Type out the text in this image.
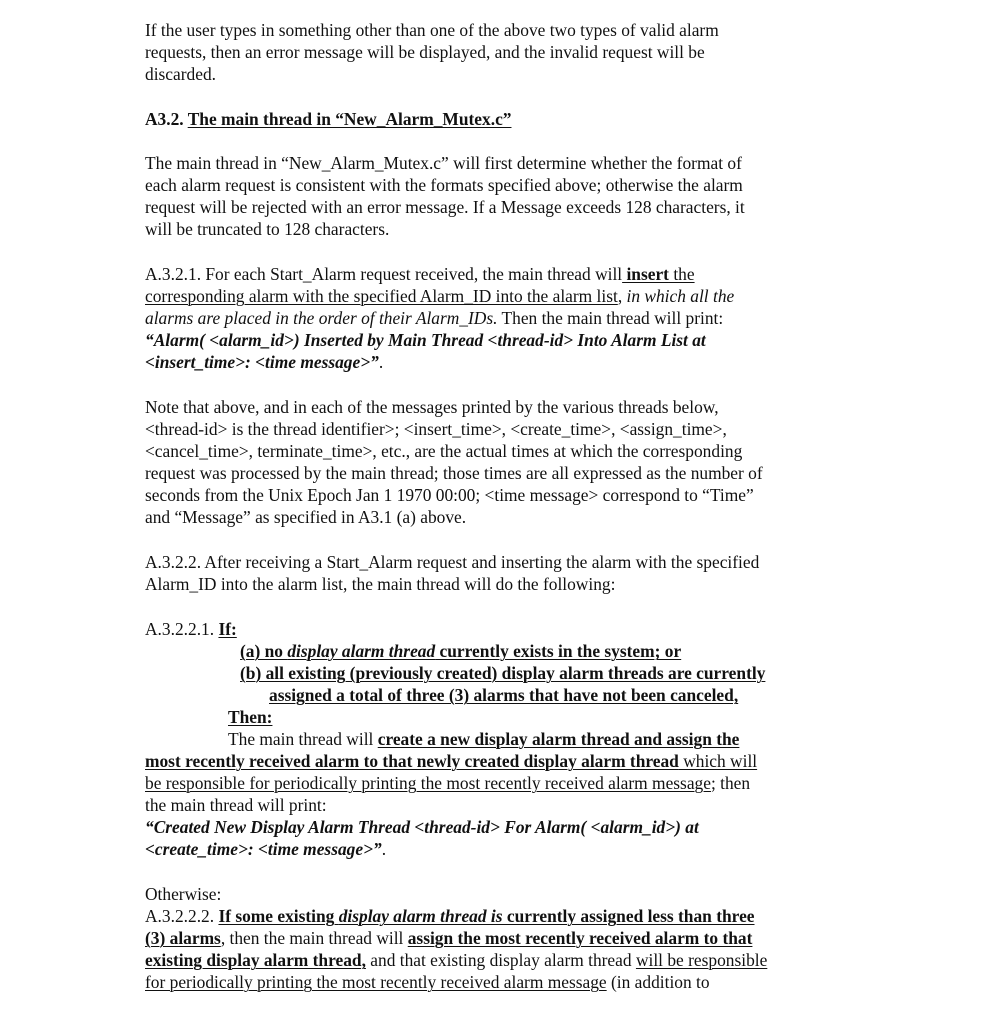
If the user types in something other than one of the above two types of valid alarm
requests, then an error message will be displayed, and the invalid request will be
discarded.
A3.2. The main thread in “New_Alarm_Mutex.c”
The main thread in “New_Alarm_Mutex.c” will first determine whether the format of
each alarm request is consistent with the formats specified above; otherwise the alarm
request will be rejected with an error message. If a Message exceeds 128 characters, it
will be truncated to 128 characters.
A.3.2.1. For each Start_Alarm request received, the main thread will insert the
corresponding alarm with the specified Alarm_ID into the alarm list, in which all the
alarms are placed in the order of their Alarm_IDs. Then the main thread will print:
“Alarm( <alarm_id>) Inserted by Main Thread <thread-id> Into Alarm List at
<insert_time>: <time message>”.
Note that above, and in each of the messages printed by the various threads below,
<thread-id> is the thread identifier>; <insert_time>, <create_time>, <assign_time>,
<cancel_time>, terminate_time>, etc., are the actual times at which the corresponding
request was processed by the main thread; those times are all expressed as the number of
seconds from the Unix Epoch Jan 1 1970 00:00; <time message> correspond to “Time”
and “Message” as specified in A3.1 (a) above.
A.3.2.2. After receiving a Start_Alarm request and inserting the alarm with the specified
Alarm_ID into the alarm list, the main thread will do the following:
A.3.2.2.1. If:
(a) no display alarm thread currently exists in the system; or
(b) all existing (previously created) display alarm threads are currently
assigned a total of three (3) alarms that have not been canceled,
Then:
The main thread will create a new display alarm thread and assign the
most recently received alarm to that newly created display alarm thread which will
be responsible for periodically printing the most recently received alarm message; then
the main thread will print:
“Created New Display Alarm Thread <thread-id> For Alarm( <alarm_id>) at
<create_time>: <time message>”.
Otherwise:
A.3.2.2.2. If some existing display alarm thread is currently assigned less than three
(3) alarms, then the main thread will assign the most recently received alarm to that
existing display alarm thread, and that existing display alarm thread will be responsible
for periodically printing the most recently received alarm message (in addition to
